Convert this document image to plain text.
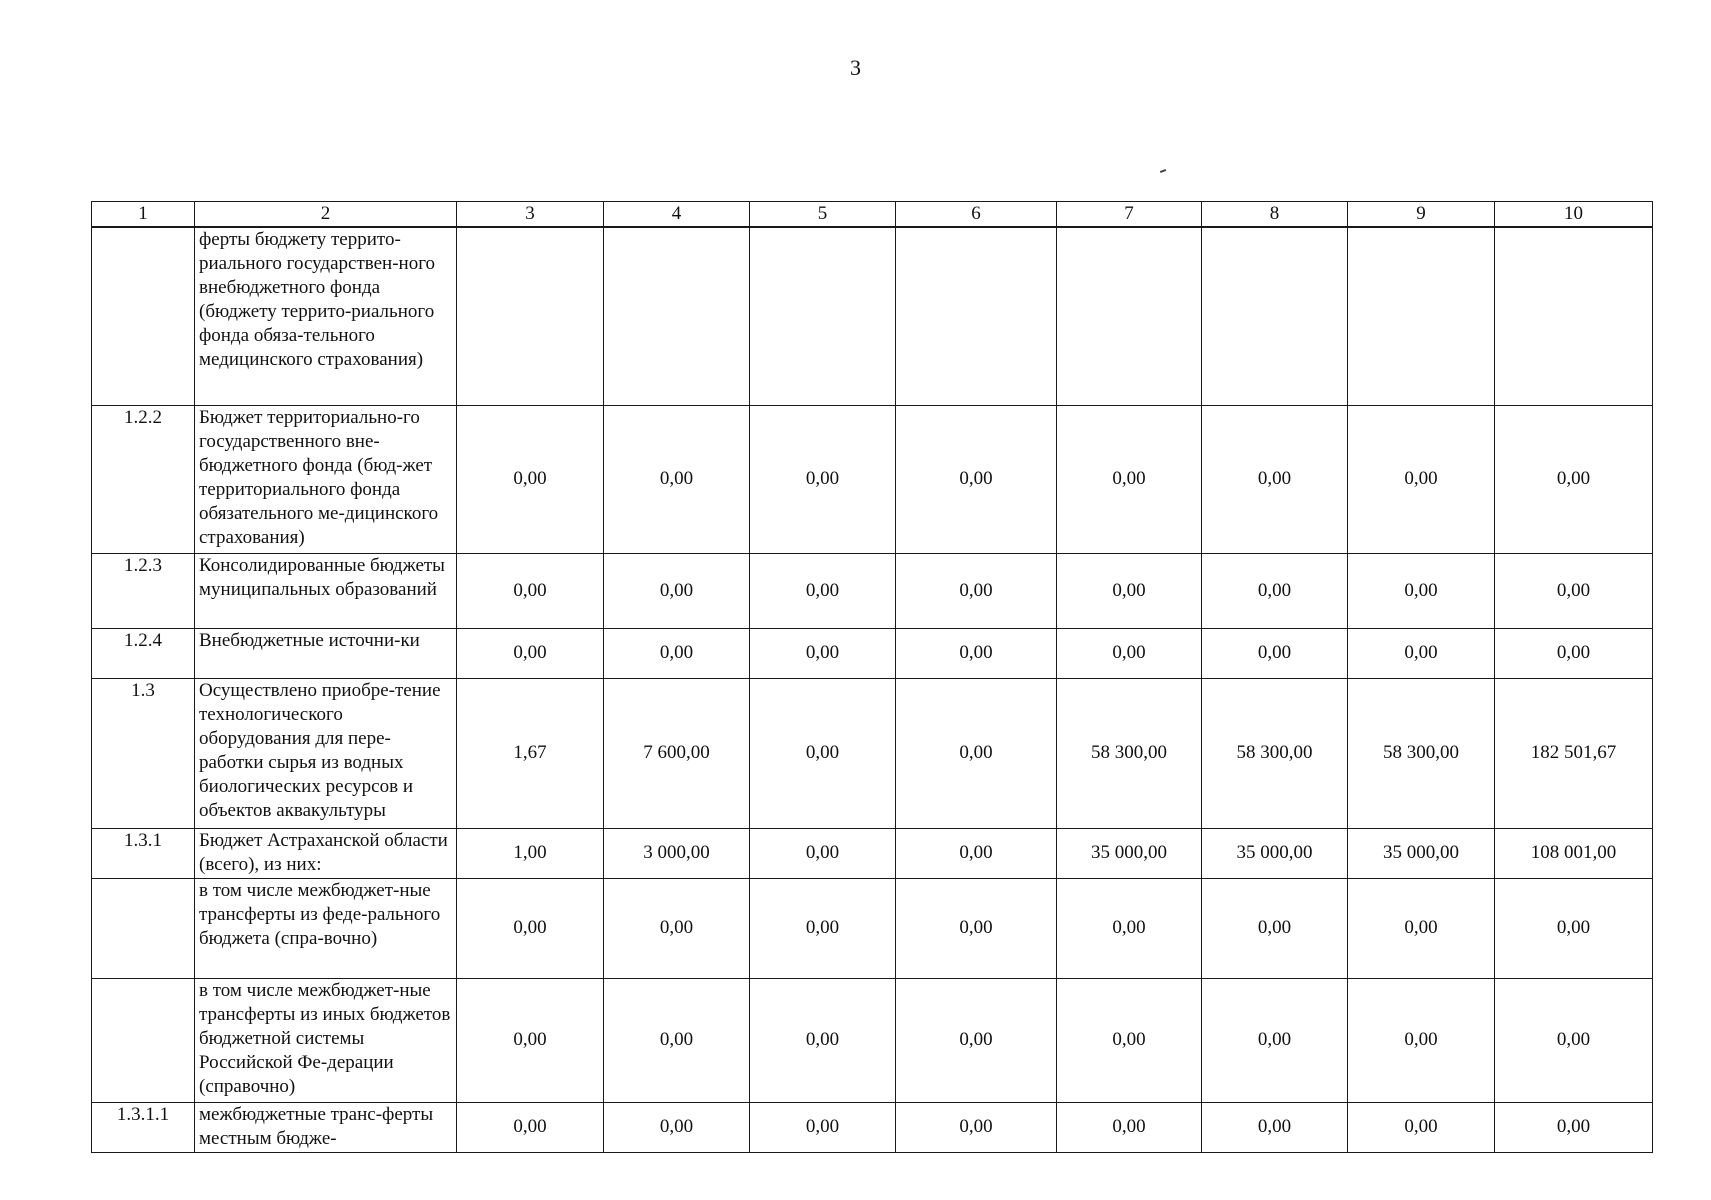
3
1	2	3	4	5	6	7	8	9	10
	ферты бюджету террито-риального государствен-ного внебюджетного фонда (бюджету террито-риального фонда обяза-тельного медицинского страхования)								
1.2.2	Бюджет территориально-го государственного вне-бюджетного фонда (бюд-жет территориального фонда обязательного ме-дицинского страхования)	0,00	0,00	0,00	0,00	0,00	0,00	0,00	0,00
1.2.3	Консолидированные бюджеты муниципальных образований	0,00	0,00	0,00	0,00	0,00	0,00	0,00	0,00
1.2.4	Внебюджетные источни-ки	0,00	0,00	0,00	0,00	0,00	0,00	0,00	0,00
1.3	Осуществлено приобре-тение технологического оборудования для пере-работки сырья из водных биологических ресурсов и объектов аквакультуры	1,67	7 600,00	0,00	0,00	58 300,00	58 300,00	58 300,00	182 501,67
1.3.1	Бюджет Астраханской области (всего), из них:	1,00	3 000,00	0,00	0,00	35 000,00	35 000,00	35 000,00	108 001,00
	в том числе межбюджет-ные трансферты из феде-рального бюджета (спра-вочно)	0,00	0,00	0,00	0,00	0,00	0,00	0,00	0,00
	в том числе межбюджет-ные трансферты из иных бюджетов бюджетной системы Российской Фе-дерации (справочно)	0,00	0,00	0,00	0,00	0,00	0,00	0,00	0,00
1.3.1.1	межбюджетные транс-ферты местным бюдже-	0,00	0,00	0,00	0,00	0,00	0,00	0,00	0,00
